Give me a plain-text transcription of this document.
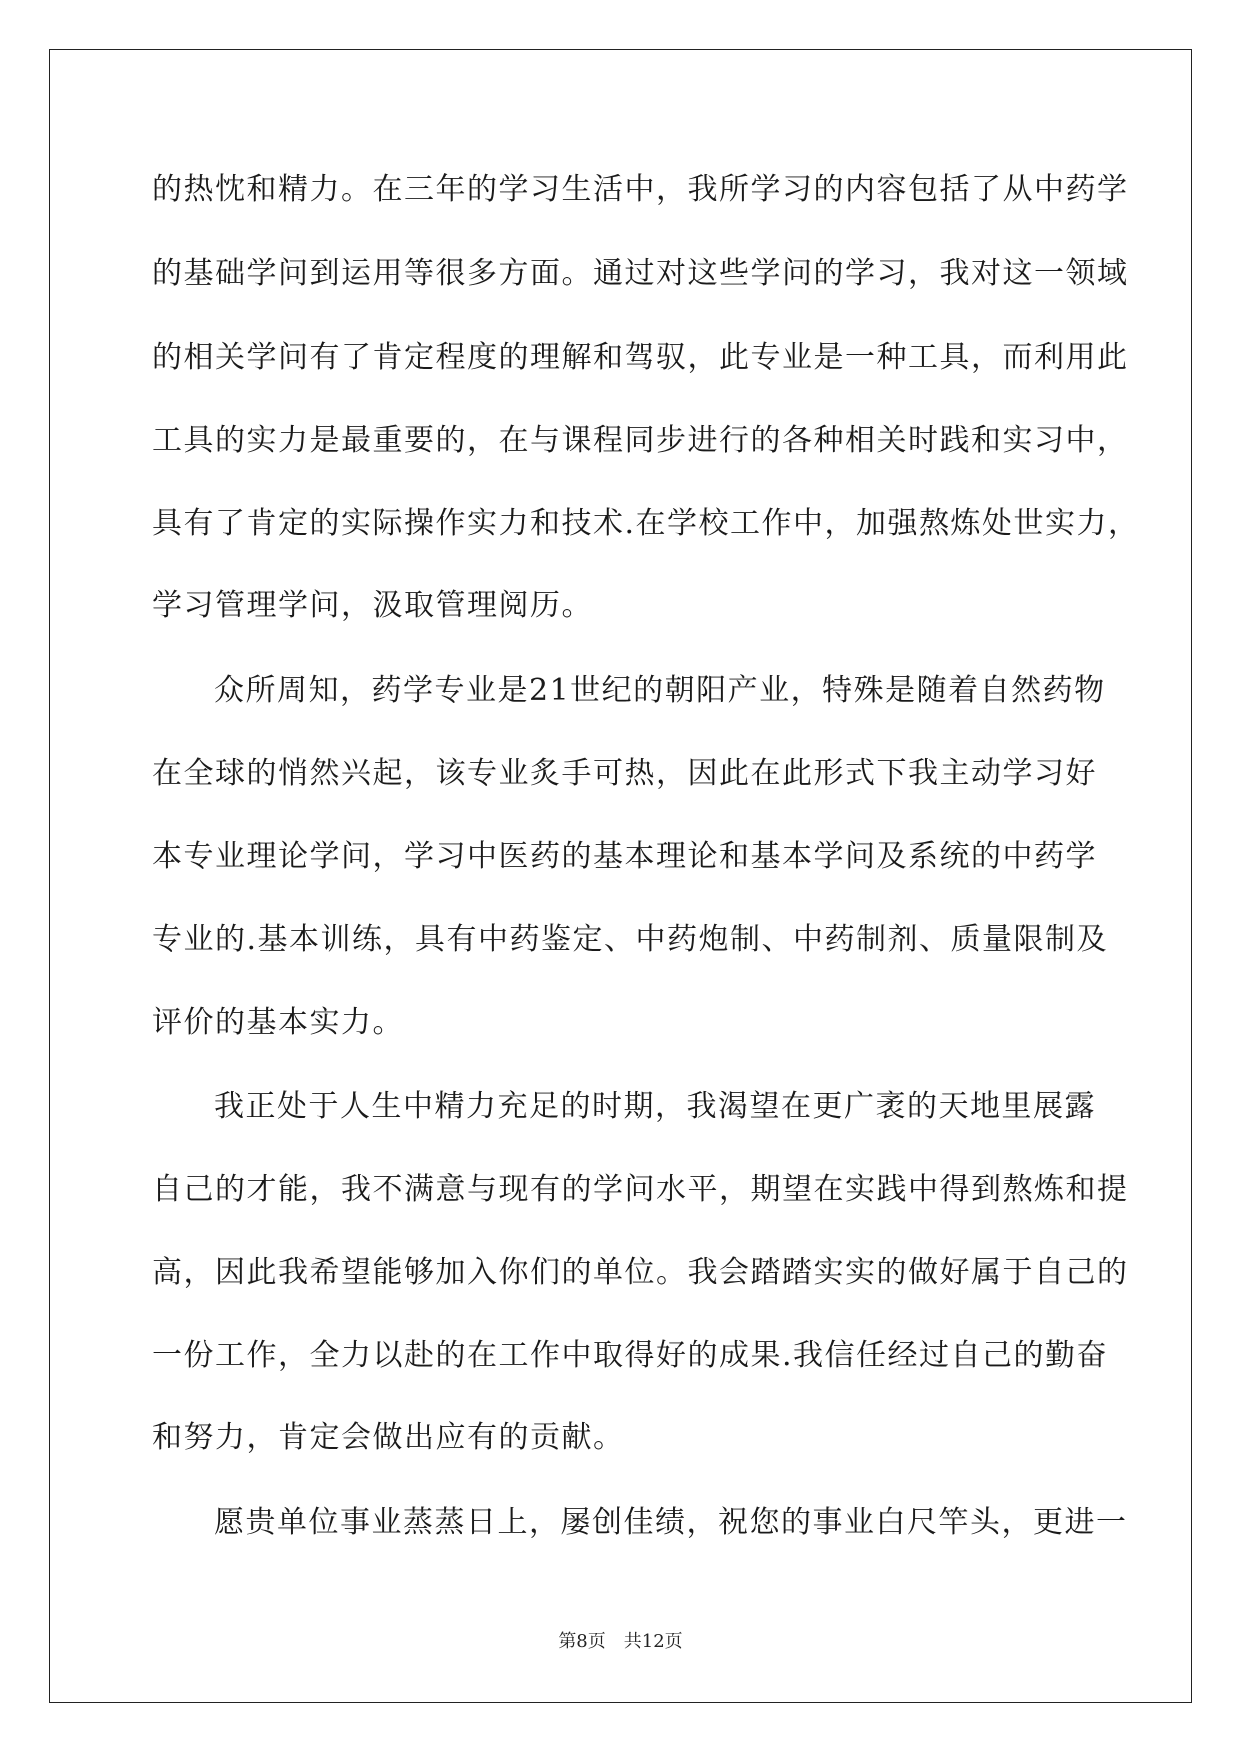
的热忱和精力。在三年的学习生活中，我所学习的内容包括了从中药学
的基础学问到运用等很多方面。通过对这些学问的学习，我对这一领域
的相关学问有了肯定程度的理解和驾驭，此专业是一种工具，而利用此
工具的实力是最重要的，在与课程同步进行的各种相关时践和实习中，
具有了肯定的实际操作实力和技术.在学校工作中，加强熬炼处世实力，
学习管理学问，汲取管理阅历。
众所周知，药学专业是21世纪的朝阳产业，特殊是随着自然药物
在全球的悄然兴起，该专业炙手可热，因此在此形式下我主动学习好
本专业理论学问，学习中医药的基本理论和基本学问及系统的中药学
专业的.基本训练，具有中药鉴定、中药炮制、中药制剂、质量限制及
评价的基本实力。
我正处于人生中精力充足的时期，我渴望在更广袤的天地里展露
自己的才能，我不满意与现有的学问水平，期望在实践中得到熬炼和提
高，因此我希望能够加入你们的单位。我会踏踏实实的做好属于自己的
一份工作，全力以赴的在工作中取得好的成果.我信任经过自己的勤奋
和努力，肯定会做出应有的贡献。
愿贵单位事业蒸蒸日上，屡创佳绩，祝您的事业白尺竿头，更进一
第8页 共12页
